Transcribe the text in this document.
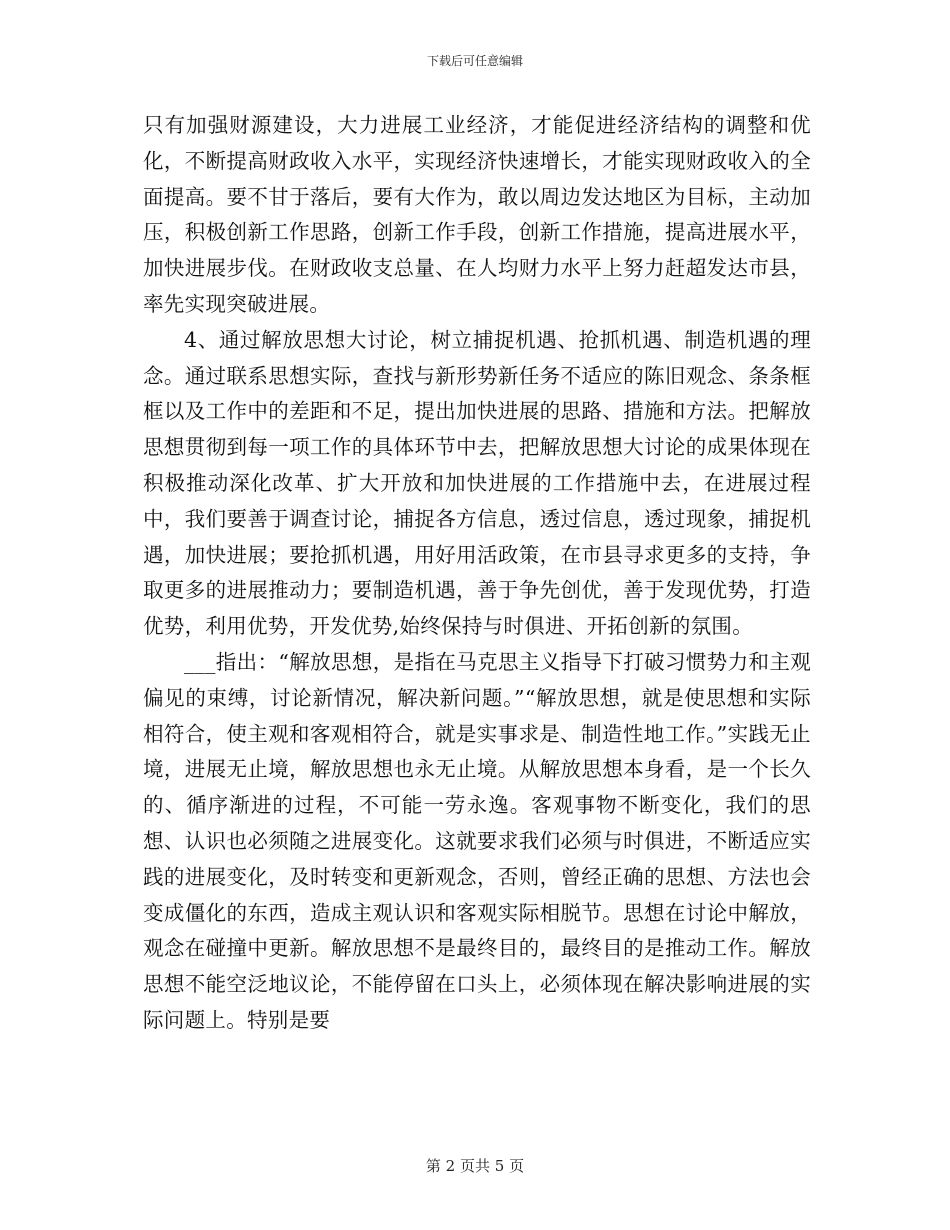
下载后可任意编辑

只有加强财源建设，大力进展工业经济，才能促进经济结构的调整和优化，不断提高财政收入水平，实现经济快速增长，才能实现财政收入的全面提高。要不甘于落后，要有大作为，敢以周边发达地区为目标，主动加压，积极创新工作思路，创新工作手段，创新工作措施，提高进展水平，加快进展步伐。在财政收支总量、在人均财力水平上努力赶超发达市县，率先实现突破进展。

4、通过解放思想大讨论，树立捕捉机遇、抢抓机遇、制造机遇的理念。通过联系思想实际，查找与新形势新任务不适应的陈旧观念、条条框框以及工作中的差距和不足，提出加快进展的思路、措施和方法。把解放思想贯彻到每一项工作的具体环节中去，把解放思想大讨论的成果体现在积极推动深化改革、扩大开放和加快进展的工作措施中去，在进展过程中，我们要善于调查讨论，捕捉各方信息，透过信息，透过现象，捕捉机遇，加快进展；要抢抓机遇，用好用活政策，在市县寻求更多的支持，争取更多的进展推动力；要制造机遇，善于争先创优，善于发现优势，打造优势，利用优势，开发优势,始终保持与时俱进、开拓创新的氛围。

___指出：“解放思想，是指在马克思主义指导下打破习惯势力和主观偏见的束缚，讨论新情况，解决新问题。”“解放思想，就是使思想和实际相符合，使主观和客观相符合，就是实事求是、制造性地工作。”实践无止境，进展无止境，解放思想也永无止境。从解放思想本身看，是一个长久的、循序渐进的过程，不可能一劳永逸。客观事物不断变化，我们的思想、认识也必须随之进展变化。这就要求我们必须与时俱进，不断适应实践的进展变化，及时转变和更新观念，否则，曾经正确的思想、方法也会变成僵化的东西，造成主观认识和客观实际相脱节。思想在讨论中解放，观念在碰撞中更新。解放思想不是最终目的，最终目的是推动工作。解放思想不能空泛地议论，不能停留在口头上，必须体现在解决影响进展的实际问题上。特别是要

第 2 页共 5 页
